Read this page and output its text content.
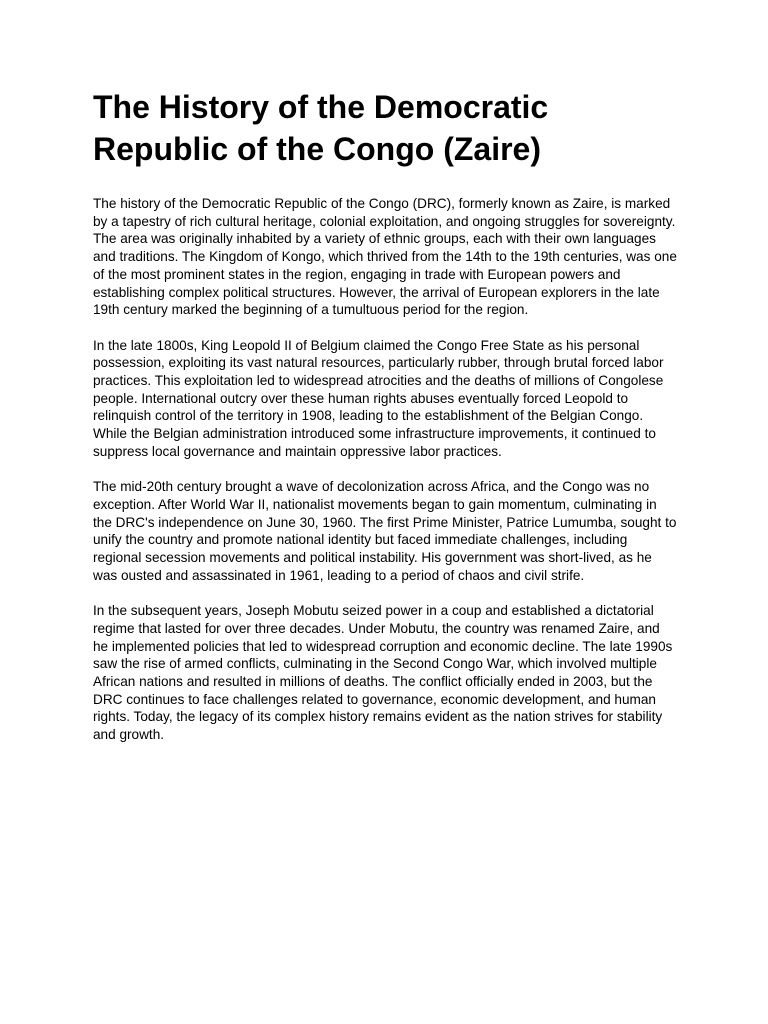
The History of the Democratic Republic of the Congo (Zaire)

The history of the Democratic Republic of the Congo (DRC), formerly known as Zaire, is marked by a tapestry of rich cultural heritage, colonial exploitation, and ongoing struggles for sovereignty. The area was originally inhabited by a variety of ethnic groups, each with their own languages and traditions. The Kingdom of Kongo, which thrived from the 14th to the 19th centuries, was one of the most prominent states in the region, engaging in trade with European powers and establishing complex political structures. However, the arrival of European explorers in the late 19th century marked the beginning of a tumultuous period for the region.

In the late 1800s, King Leopold II of Belgium claimed the Congo Free State as his personal possession, exploiting its vast natural resources, particularly rubber, through brutal forced labor practices. This exploitation led to widespread atrocities and the deaths of millions of Congolese people. International outcry over these human rights abuses eventually forced Leopold to relinquish control of the territory in 1908, leading to the establishment of the Belgian Congo. While the Belgian administration introduced some infrastructure improvements, it continued to suppress local governance and maintain oppressive labor practices.

The mid-20th century brought a wave of decolonization across Africa, and the Congo was no exception. After World War II, nationalist movements began to gain momentum, culminating in the DRC's independence on June 30, 1960. The first Prime Minister, Patrice Lumumba, sought to unify the country and promote national identity but faced immediate challenges, including regional secession movements and political instability. His government was short-lived, as he was ousted and assassinated in 1961, leading to a period of chaos and civil strife.

In the subsequent years, Joseph Mobutu seized power in a coup and established a dictatorial regime that lasted for over three decades. Under Mobutu, the country was renamed Zaire, and he implemented policies that led to widespread corruption and economic decline. The late 1990s saw the rise of armed conflicts, culminating in the Second Congo War, which involved multiple African nations and resulted in millions of deaths. The conflict officially ended in 2003, but the DRC continues to face challenges related to governance, economic development, and human rights. Today, the legacy of its complex history remains evident as the nation strives for stability and growth.
